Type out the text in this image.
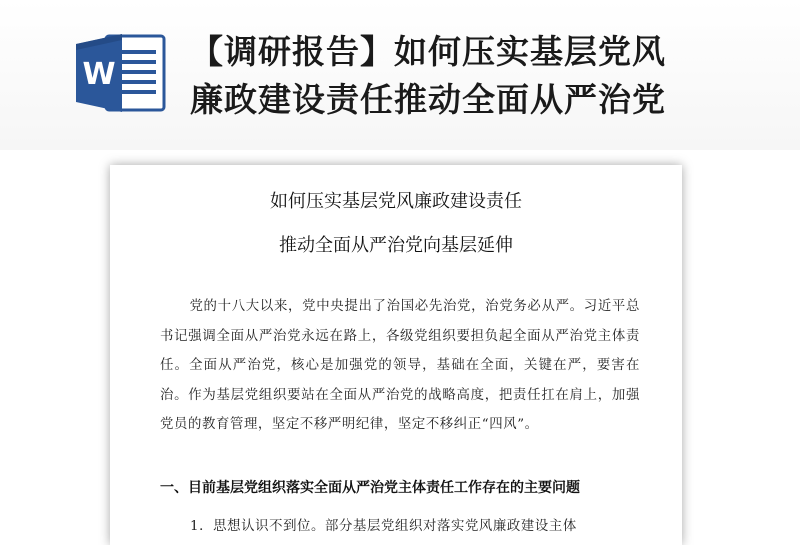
W
【调研报告】如何压实基层党风
廉政建设责任推动全面从严治党
如何压实基层党风廉政建设责任
推动全面从严治党向基层延伸
党的十八大以来，党中央提出了治国必先治党，治党务必从严。习近平总书记强调全面从严治党永远在路上，各级党组织要担负起全面从严治党主体责任。全面从严治党，核心是加强党的领导，基础在全面，关键在严，要害在治。作为基层党组织要站在全面从严治党的战略高度，把责任扛在肩上，加强党员的教育管理，坚定不移严明纪律，坚定不移纠正“四风”。
一、目前基层党组织落实全面从严治党主体责任工作存在的主要问题
1．思想认识不到位。部分基层党组织对落实党风廉政建设主体
